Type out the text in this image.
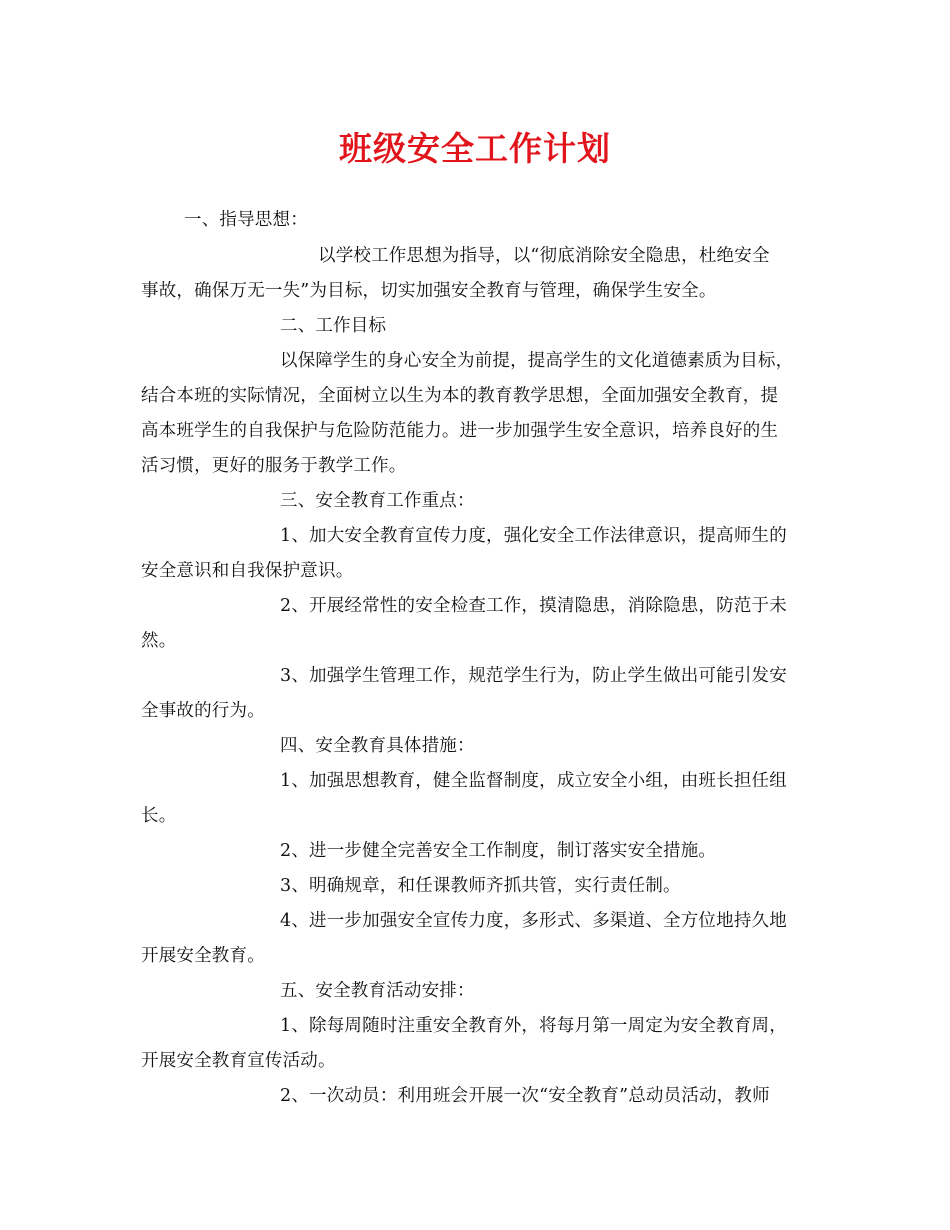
班级安全工作计划
一、指导思想：
以学校工作思想为指导，以“彻底消除安全隐患，杜绝安全
事故，确保万无一失”为目标，切实加强安全教育与管理，确保学生安全。
二、工作目标
以保障学生的身心安全为前提，提高学生的文化道德素质为目标，
结合本班的实际情况，全面树立以生为本的教育教学思想，全面加强安全教育，提
高本班学生的自我保护与危险防范能力。进一步加强学生安全意识，培养良好的生
活习惯，更好的服务于教学工作。
三、安全教育工作重点：
1、加大安全教育宣传力度，强化安全工作法律意识，提高师生的
安全意识和自我保护意识。
2、开展经常性的安全检查工作，摸清隐患，消除隐患，防范于未
然。
3、加强学生管理工作，规范学生行为，防止学生做出可能引发安
全事故的行为。
四、安全教育具体措施：
1、加强思想教育，健全监督制度，成立安全小组，由班长担任组
长。
2、进一步健全完善安全工作制度，制订落实安全措施。
3、明确规章，和任课教师齐抓共管，实行责任制。
4、进一步加强安全宣传力度，多形式、多渠道、全方位地持久地
开展安全教育。
五、安全教育活动安排：
1、除每周随时注重安全教育外，将每月第一周定为安全教育周，
开展安全教育宣传活动。
2、一次动员：利用班会开展一次“安全教育”总动员活动，教师
